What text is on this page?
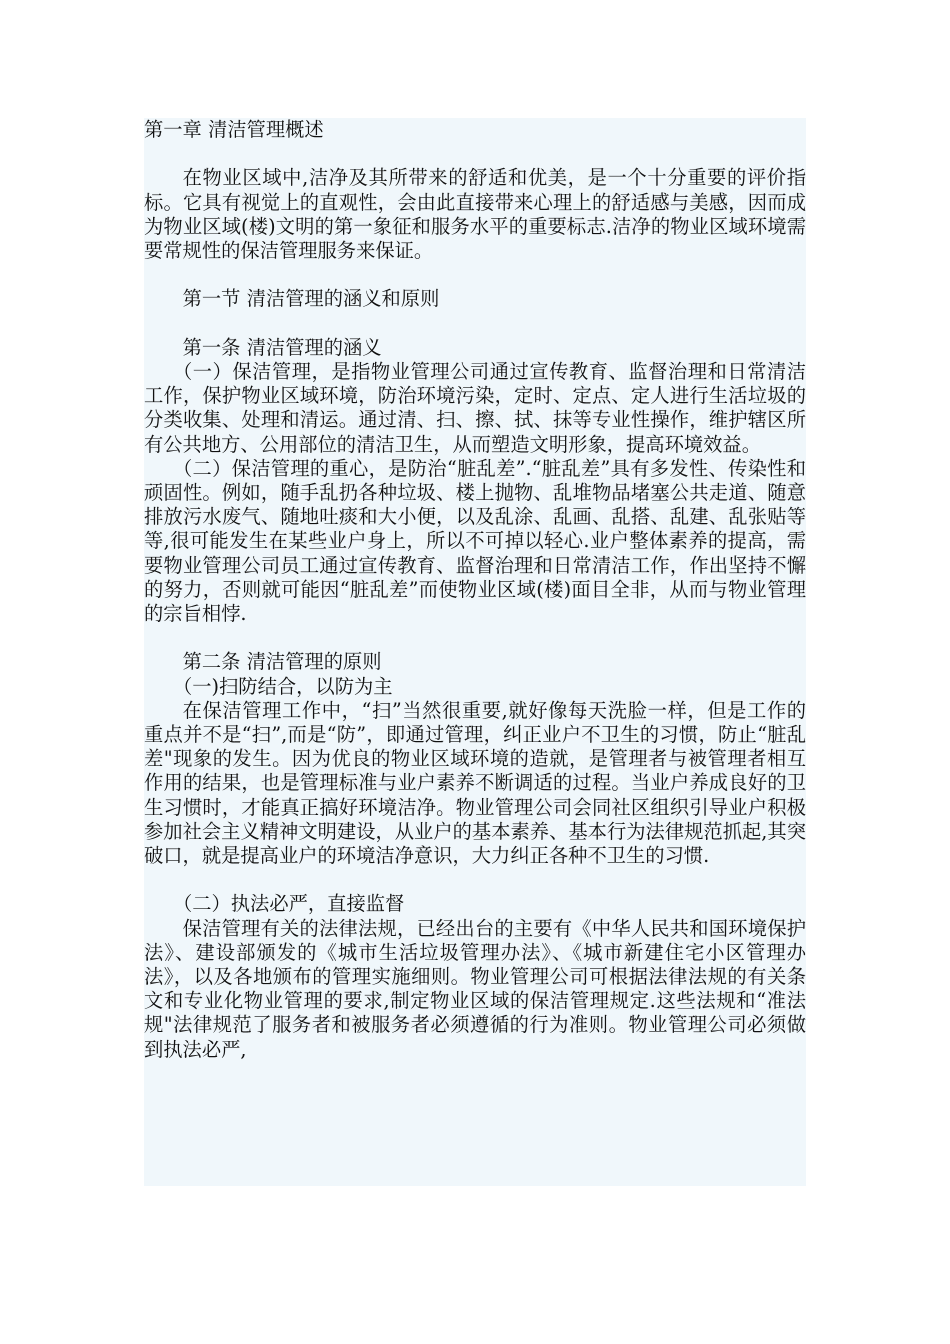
第一章 清洁管理概述

在物业区域中,洁净及其所带来的舒适和优美，是一个十分重要的评价指标。它具有视觉上的直观性，会由此直接带来心理上的舒适感与美感，因而成为物业区域(楼)文明的第一象征和服务水平的重要标志.洁净的物业区域环境需要常规性的保洁管理服务来保证。

第一节 清洁管理的涵义和原则

第一条 清洁管理的涵义

（一）保洁管理，是指物业管理公司通过宣传教育、监督治理和日常清洁工作，保护物业区域环境，防治环境污染，定时、定点、定人进行生活垃圾的分类收集、处理和清运。通过清、扫、擦、拭、抹等专业性操作，维护辖区所有公共地方、公用部位的清洁卫生，从而塑造文明形象，提高环境效益。

（二）保洁管理的重心，是防治“脏乱差”.“脏乱差”具有多发性、传染性和顽固性。例如，随手乱扔各种垃圾、楼上抛物、乱堆物品堵塞公共走道、随意排放污水废气、随地吐痰和大小便，以及乱涂、乱画、乱搭、乱建、乱张贴等等,很可能发生在某些业户身上，所以不可掉以轻心.业户整体素养的提高，需要物业管理公司员工通过宣传教育、监督治理和日常清洁工作，作出坚持不懈的努力，否则就可能因“脏乱差”而使物业区域(楼)面目全非，从而与物业管理的宗旨相悖.

第二条 清洁管理的原则

（一)扫防结合，以防为主

在保洁管理工作中，“扫”当然很重要,就好像每天洗脸一样，但是工作的重点并不是“扫”,而是“防”，即通过管理，纠正业户不卫生的习惯，防止“脏乱差"现象的发生。因为优良的物业区域环境的造就，是管理者与被管理者相互作用的结果，也是管理标准与业户素养不断调适的过程。当业户养成良好的卫生习惯时，才能真正搞好环境洁净。物业管理公司会同社区组织引导业户积极参加社会主义精神文明建设，从业户的基本素养、基本行为法律规范抓起,其突破口，就是提高业户的环境洁净意识，大力纠正各种不卫生的习惯.

（二）执法必严，直接监督

保洁管理有关的法律法规，已经出台的主要有《中华人民共和国环境保护法》、建设部颁发的《城市生活垃圾管理办法》、《城市新建住宅小区管理办法》，以及各地颁布的管理实施细则。物业管理公司可根据法律法规的有关条文和专业化物业管理的要求,制定物业区域的保洁管理规定.这些法规和“准法规"法律规范了服务者和被服务者必须遵循的行为准则。物业管理公司必须做到执法必严,
